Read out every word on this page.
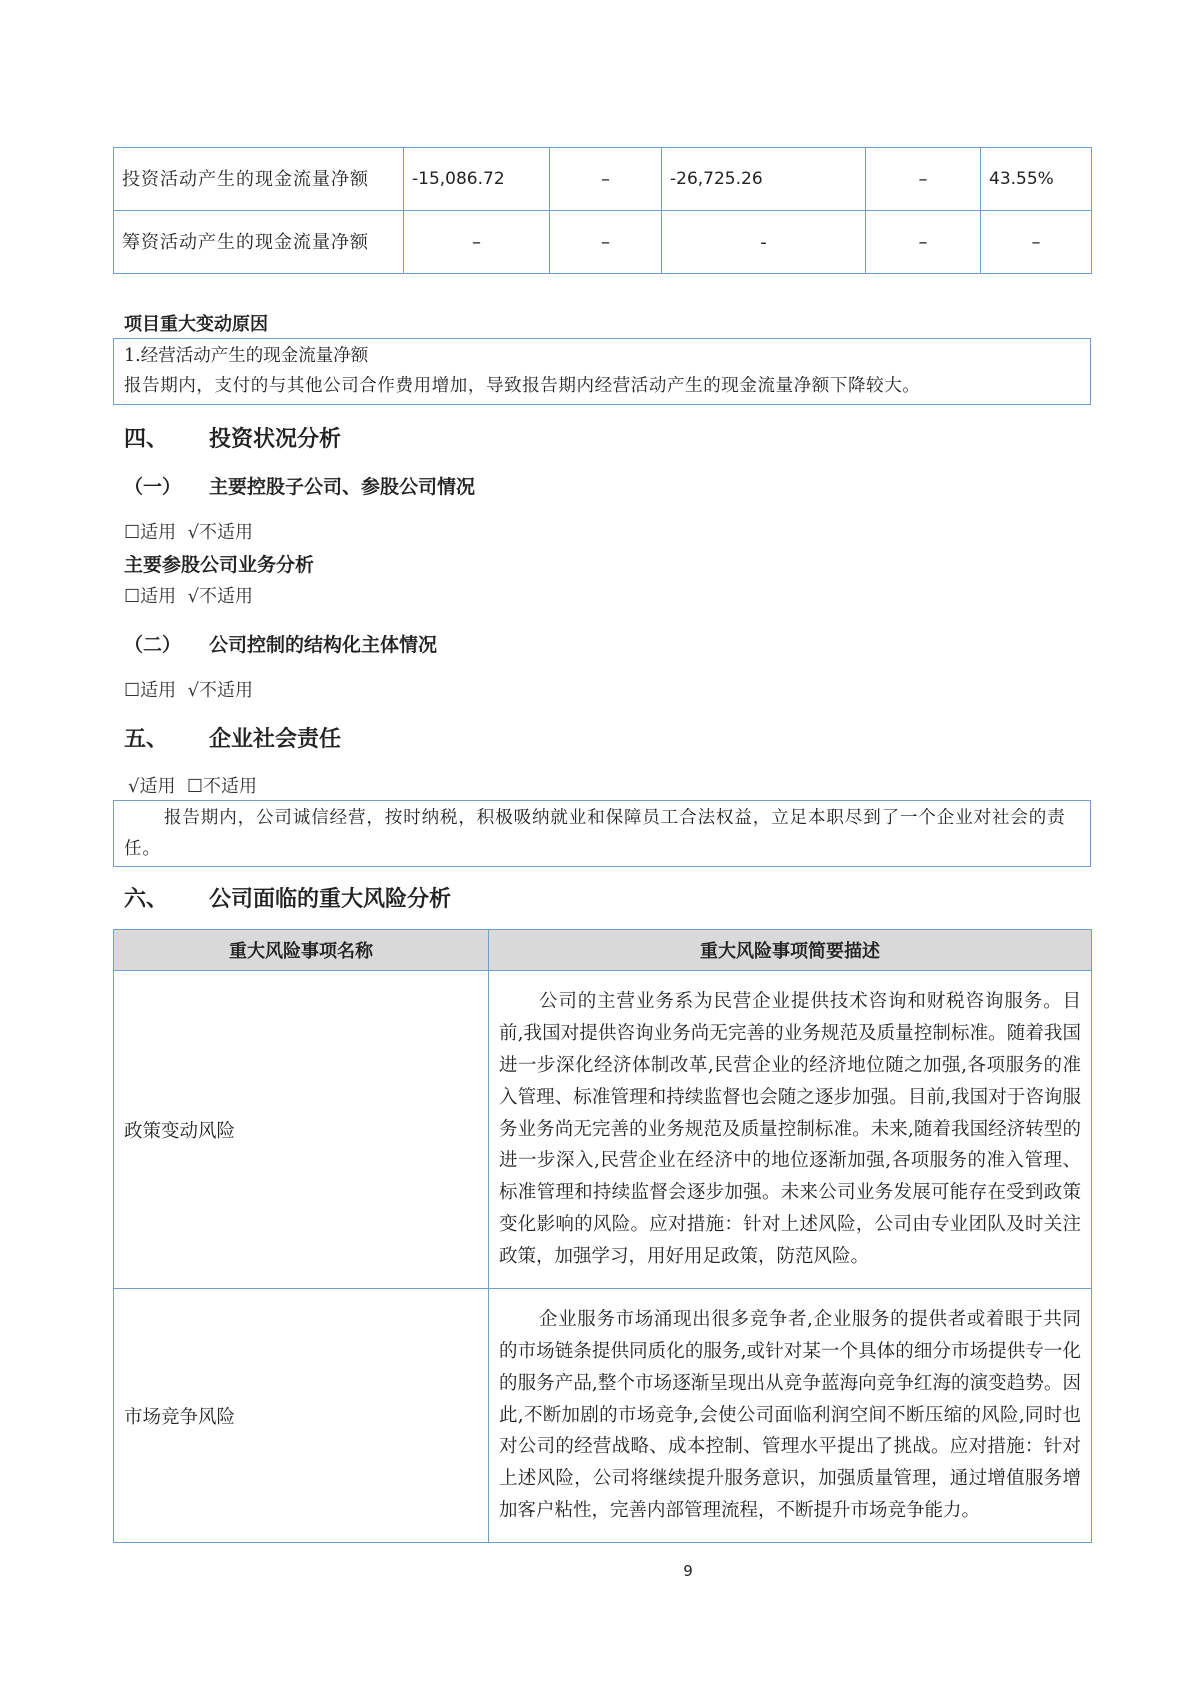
投资活动产生的现金流量净额	-15,086.72	–	-26,725.26	–	43.55%
筹资活动产生的现金流量净额	–	–	-	–	–
项目重大变动原因

1.经营活动产生的现金流量净额

报告期内，支付的与其他公司合作费用增加，导致报告期内经营活动产生的现金流量净额下降较大。

四、 投资状况分析
（一） 主要控股子公司、参股公司情况
☐适用  √不适用
主要参股公司业务分析
☐适用  √不适用
（二） 公司控制的结构化主体情况
☐适用  √不适用
五、 企业社会责任
√适用  ☐不适用

报告期内，公司诚信经营，按时纳税，积极吸纳就业和保障员工合法权益，立足本职尽到了一个企业对社会的责任。

六、 公司面临的重大风险分析
重大风险事项名称	重大风险事项简要描述
政策变动风险	公司的主营业务系为民营企业提供技术咨询和财税咨询服务。目前,我国对提供咨询业务尚无完善的业务规范及质量控制标准。随着我国进一步深化经济体制改革,民营企业的经济地位随之加强,各项服务的准入管理、标准管理和持续监督也会随之逐步加强。目前,我国对于咨询服务业务尚无完善的业务规范及质量控制标准。未来,随着我国经济转型的进一步深入,民营企业在经济中的地位逐渐加强,各项服务的准入管理、标准管理和持续监督会逐步加强。未来公司业务发展可能存在受到政策变化影响的风险。应对措施：针对上述风险，公司由专业团队及时关注政策，加强学习，用好用足政策，防范风险。

市场竞争风险	企业服务市场涌现出很多竞争者,企业服务的提供者或着眼于共同的市场链条提供同质化的服务,或针对某一个具体的细分市场提供专一化的服务产品,整个市场逐渐呈现出从竞争蓝海向竞争红海的演变趋势。因此,不断加剧的市场竞争,会使公司面临利润空间不断压缩的风险,同时也对公司的经营战略、成本控制、管理水平提出了挑战。应对措施：针对上述风险，公司将继续提升服务意识，加强质量管理，通过增值服务增加客户粘性，完善内部管理流程，不断提升市场竞争能力。
9
